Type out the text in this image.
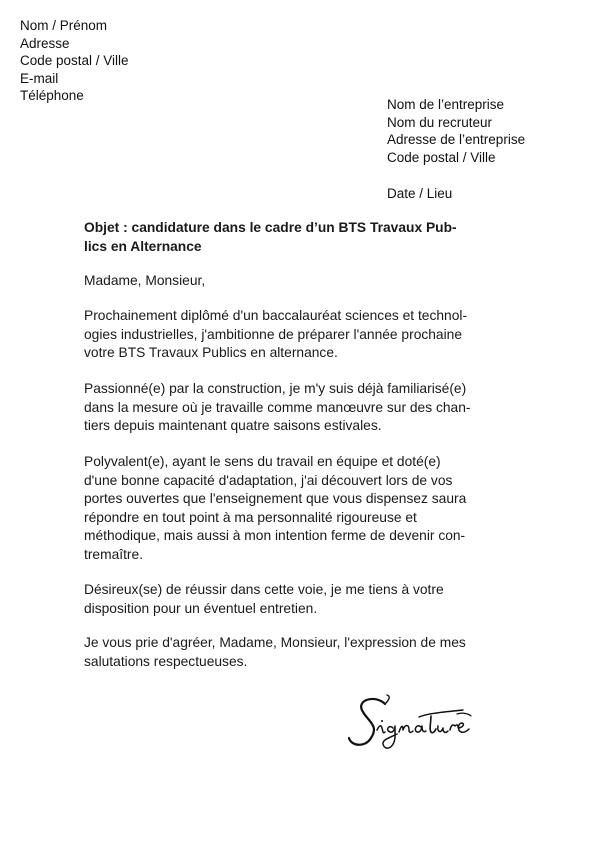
Nom / Prénom
Adresse
Code postal / Ville
E-mail
Téléphone
Nom de l’entreprise
Nom du recruteur
Adresse de l’entreprise
Code postal / Ville
Date / Lieu
Objet : candidature dans le cadre d’un BTS Travaux Pub-
lics en Alternance
Madame, Monsieur,
Prochainement diplômé d'un baccalauréat sciences et technol-
ogies industrielles, j'ambitionne de préparer l'année prochaine
votre BTS Travaux Publics en alternance.
Passionné(e) par la construction, je m'y suis déjà familiarisé(e)
dans la mesure où je travaille comme manœuvre sur des chan-
tiers depuis maintenant quatre saisons estivales.
Polyvalent(e), ayant le sens du travail en équipe et doté(e)
d'une bonne capacité d'adaptation, j'ai découvert lors de vos
portes ouvertes que l'enseignement que vous dispensez saura
répondre en tout point à ma personnalité rigoureuse et
méthodique, mais aussi à mon intention ferme de devenir con-
tremaître.
Désireux(se) de réussir dans cette voie, je me tiens à votre
disposition pour un éventuel entretien.
Je vous prie d'agréer, Madame, Monsieur, l'expression de mes
salutations respectueuses.
